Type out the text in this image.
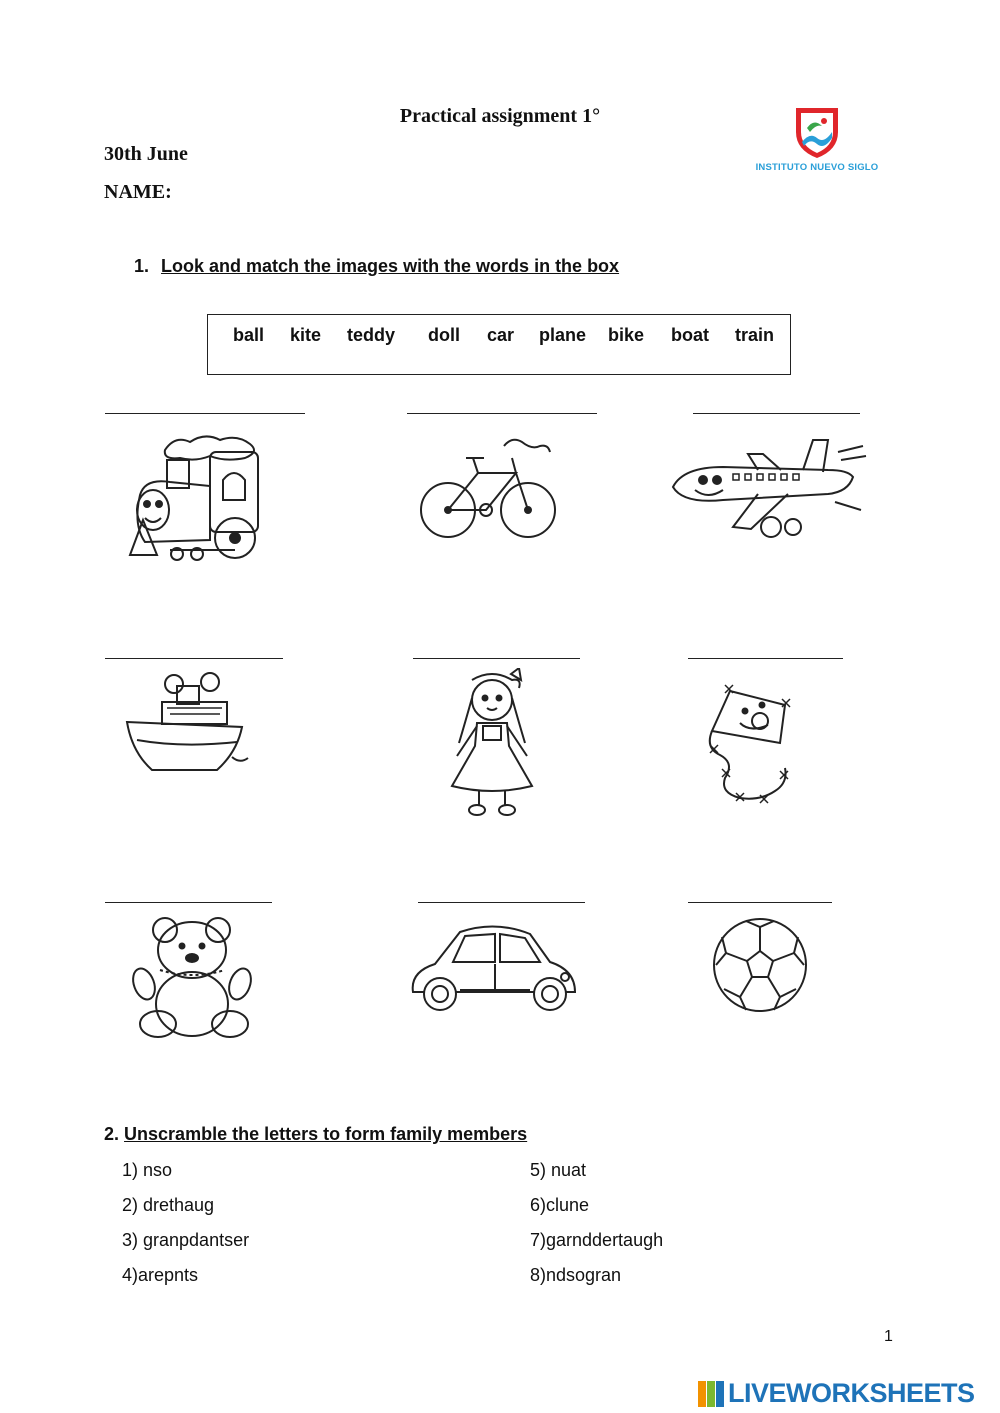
Practical assignment 1°
30th June
NAME:
INSTITUTO NUEVO SIGLO
1. Look and match the images with the words in the box
ball kite teddy doll car plane bike boat train
2. Unscramble the letters to form family members
1) nso
2) drethaug
3) granpdantser
4)arepnts
5) nuat
6)clune
7)garnddertaugh
8)ndsogran
1
LIVEWORKSHEETS
